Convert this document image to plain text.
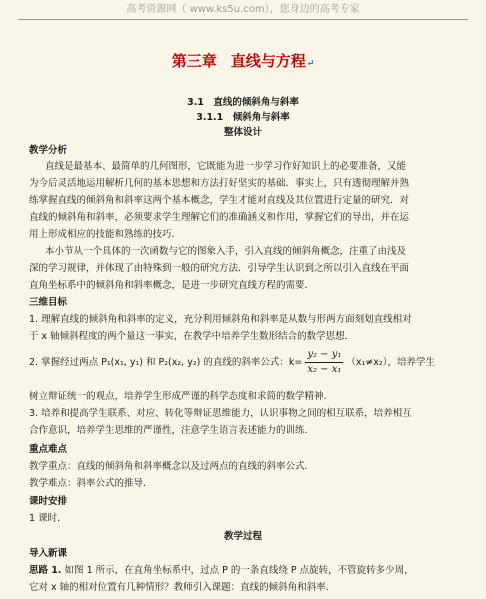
高考资源网（ www.ks5u.com），您身边的高考专家
第三章 直线与方程↵
3.1　直线的倾斜角与斜率
3.1.1　倾斜角与斜率
整体设计
教学分析
直线是最基本、最简单的几何图形，它既能为进一步学习作好知识上的必要准备，又能
为今后灵活地运用解析几何的基本思想和方法打好坚实的基础．事实上，只有透彻理解并熟
练掌握直线的倾斜角和斜率这两个基本概念，学生才能对直线及其位置进行定量的研究．对
直线的倾斜角和斜率，必须要求学生理解它们的准确涵义和作用，掌握它们的导出，并在运
用上形成相应的技能和熟练的技巧．
本小节从一个具体的一次函数与它的图象入手，引入直线的倾斜角概念，注重了由浅及
深的学习规律，并体现了由特殊到一般的研究方法．引导学生认识到之所以引入直线在平面
直角坐标系中的倾斜角和斜率概念，是进一步研究直线方程的需要．
三维目标
1. 理解直线的倾斜角和斜率的定义，充分利用倾斜角和斜率是从数与形两方面刻划直线相对
于 x 轴倾斜程度的两个量这一事实，在教学中培养学生数形结合的数学思想．
2. 掌握经过两点 P₁(x₁, y₁) 和 P₂(x₂, y₂) 的直线的斜率公式：$k= \frac{\text{y₂ − y₁}}{\text{x₂ − x₁}} (x_1\ne x_2)$，培养学生
树立辩证统一的观点，培养学生形成严谨的科学态度和求简的数学精神．
3. 培养和提高学生联系、对应、转化等辩证思维能力，认识事物之间的相互联系，培养相互
合作意识，培养学生思维的严谨性，注意学生语言表述能力的训练．
重点难点
教学重点：直线的倾斜角和斜率概念以及过两点的直线的斜率公式．
教学难点：斜率公式的推导．
课时安排
1 课时．
教学过程
导入新课
思路 1. 如图 1 所示，在直角坐标系中，过点 P 的一条直线绕 P 点旋转，不管旋转多少周，
它对 x 轴的相对位置有几种情形？教师引入课题：直线的倾斜角和斜率．
